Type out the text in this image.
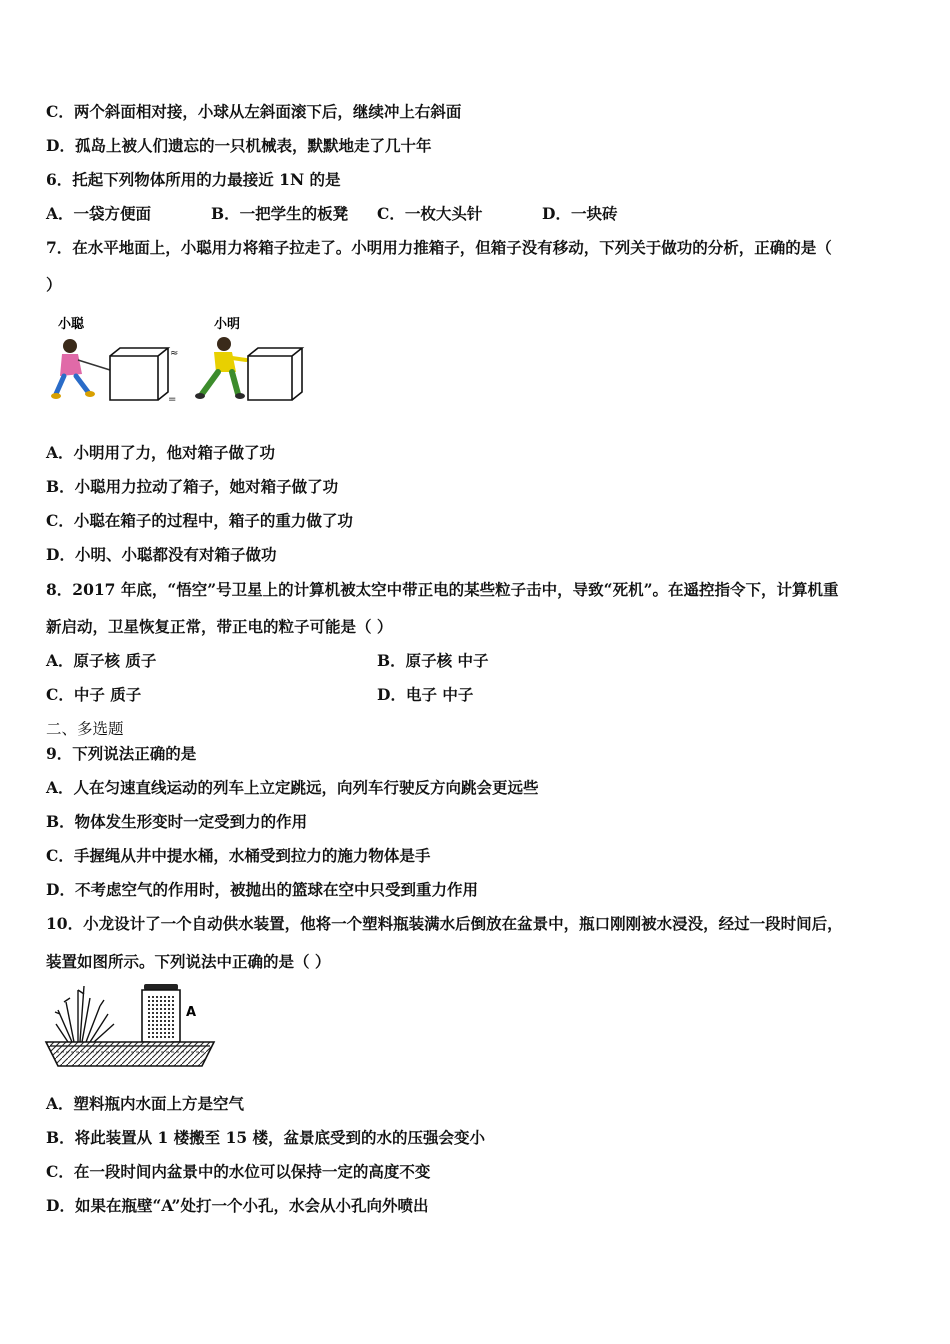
C．两个斜面相对接，小球从左斜面滚下后，继续冲上右斜面
D．孤岛上被人们遗忘的一只机械表，默默地走了几十年
6．托起下列物体所用的力最接近 1N 的是
A．一袋方便面	B．一把学生的板凳 C．一枚大头针	D．一块砖
7．在水平地面上，小聪用力将箱子拉走了。小明用力推箱子，但箱子没有移动，下列关于做功的分析，正确的是（
）
小聪
≈
=
小明
A．小明用了力，他对箱子做了功
B．小聪用力拉动了箱子，她对箱子做了功
C．小聪在箱子的过程中，箱子的重力做了功
D．小明、小聪都没有对箱子做功
8．2017 年底，“悟空”号卫星上的计算机被太空中带正电的某些粒子击中，导致“死机”。在遥控指令下，计算机重
新启动，卫星恢复正常，带正电的粒子可能是（ ）
A．原子核 质子	B．原子核 中子
C．中子 质子	D．电子 中子
二、多选题
9．下列说法正确的是
A．人在匀速直线运动的列车上立定跳远，向列车行驶反方向跳会更远些
B．物体发生形变时一定受到力的作用
C．手握绳从井中提水桶，水桶受到拉力的施力物体是手
D．不考虑空气的作用时，被抛出的篮球在空中只受到重力作用
10．小龙设计了一个自动供水装置，他将一个塑料瓶装满水后倒放在盆景中，瓶口刚刚被水浸没，经过一段时间后，
装置如图所示。下列说法中正确的是（ ）
A
A．塑料瓶内水面上方是空气
B．将此装置从 1 楼搬至 15 楼，盆景底受到的水的压强会变小
C．在一段时间内盆景中的水位可以保持一定的高度不变
D．如果在瓶壁“A”处打一个小孔，水会从小孔向外喷出
